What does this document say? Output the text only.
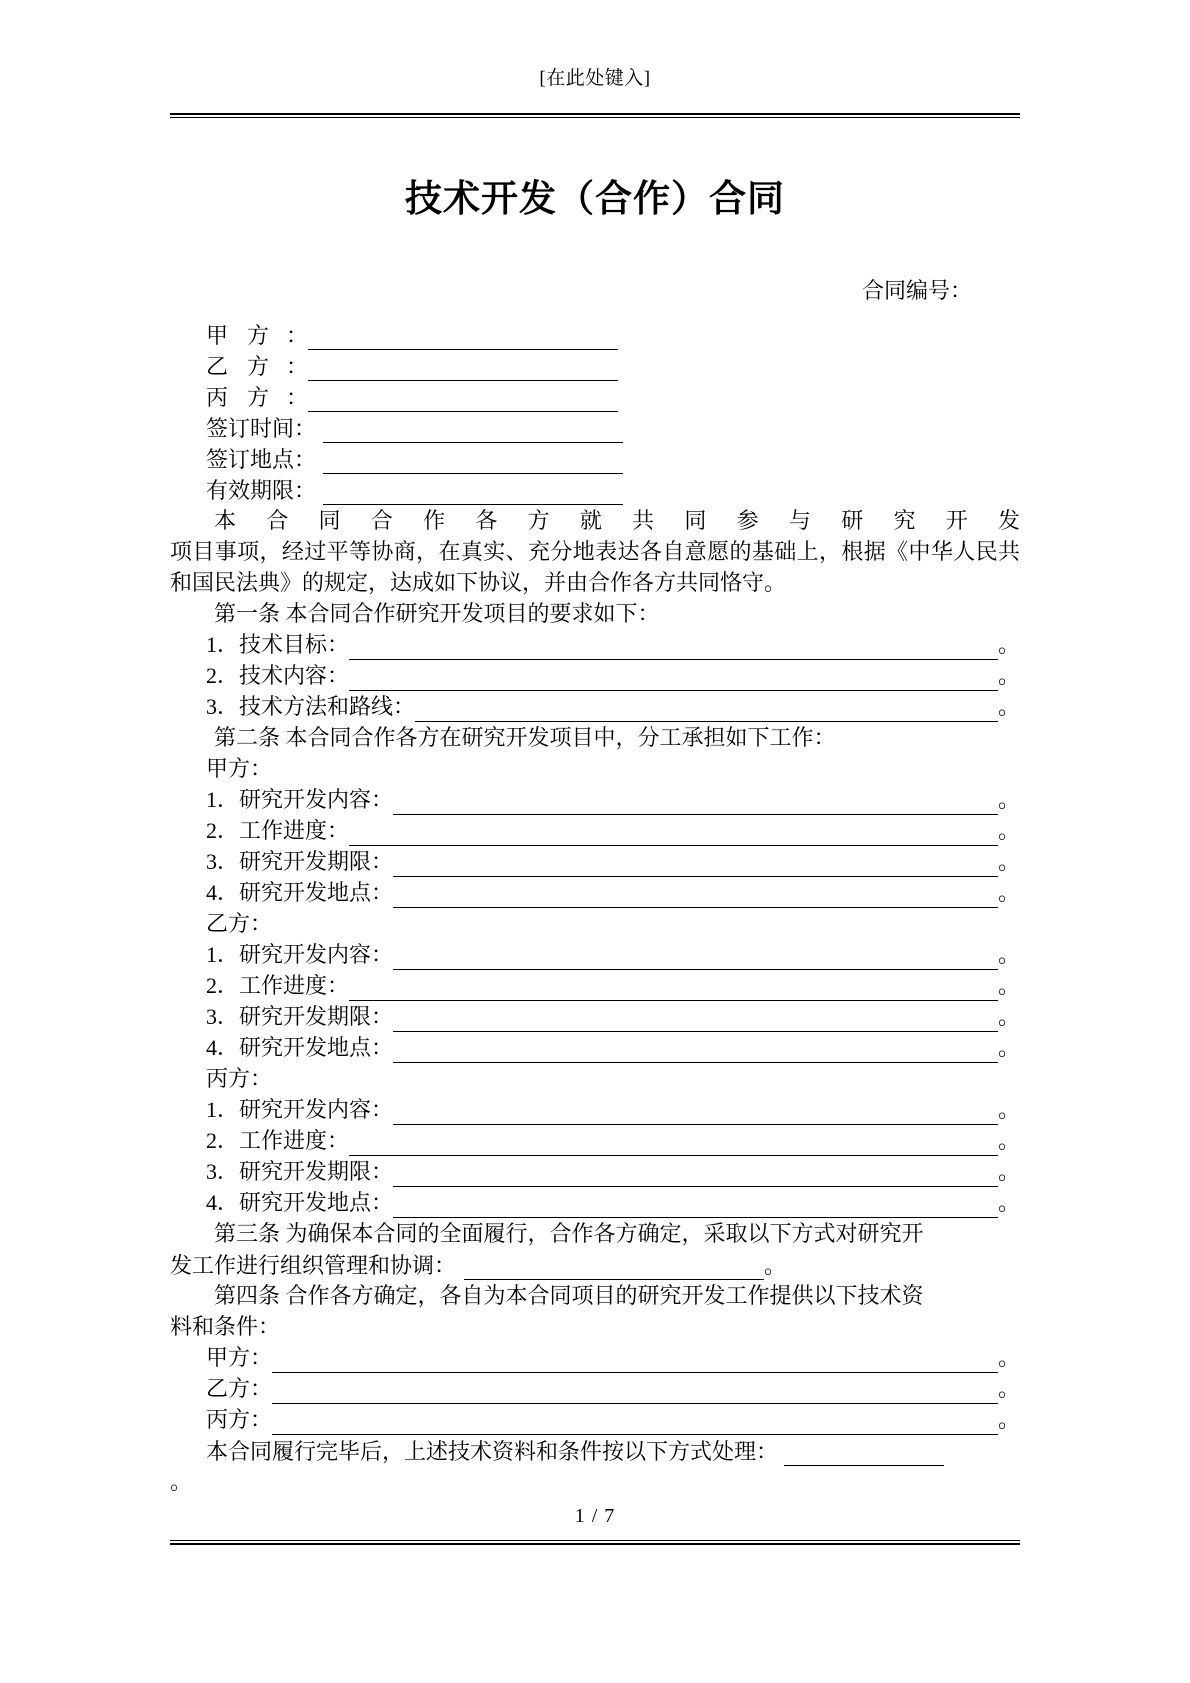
[在此处键入]
技术开发（合作）合同
合同编号：
甲 方 ：
乙 方 ：
丙 方 ：
签订时间：
签订地点：
有效期限：
本合同合作各方就共同参与研究开发
项目事项，经过平等协商，在真实、充分地表达各自意愿的基础上，根据《中华人民共和国民法典》的规定，达成如下协议，并由合作各方共同恪守。
第一条 本合同合作研究开发项目的要求如下：
1． 技术目标：	。
2． 技术内容：	。
3． 技术方法和路线：	。
第二条 本合同合作各方在研究开发项目中，分工承担如下工作：
甲方：
1． 研究开发内容：	。
2． 工作进度：	。
3． 研究开发期限：	。
4． 研究开发地点：	。
乙方：
1． 研究开发内容：	。
2． 工作进度：	。
3． 研究开发期限：	。
4． 研究开发地点：	。
丙方：
1． 研究开发内容：	。
2． 工作进度：	。
3． 研究开发期限：	。
4． 研究开发地点：	。
第三条 为确保本合同的全面履行，合作各方确定，采取以下方式对研究开
发工作进行组织管理和协调：	。
第四条 合作各方确定，各自为本合同项目的研究开发工作提供以下技术资
料和条件：
甲方：	。
乙方：	。
丙方：	。
本合同履行完毕后，上述技术资料和条件按以下方式处理：
。
1 / 7
